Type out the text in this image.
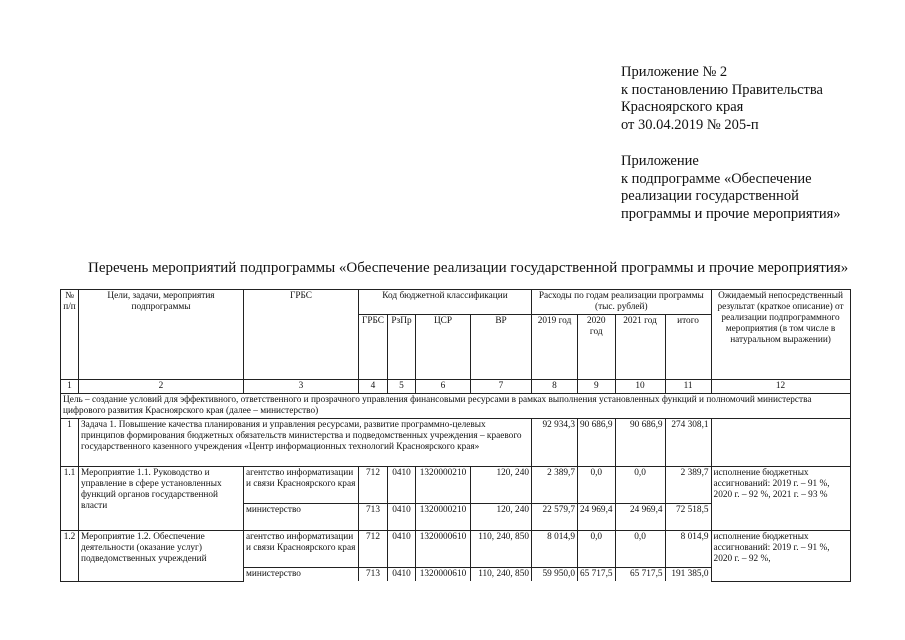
Приложение № 2
к постановлению Правительства
Красноярского края
от 30.04.2019 № 205-п
Приложение
к подпрограмме «Обеспечение
реализации государственной
программы и прочие мероприятия»
Перечень мероприятий подпрограммы «Обеспечение реализации государственной программы и прочие мероприятия»
№ п/п	Цели, задачи, мероприятия подпрограммы	ГРБС	Код бюджетной классификации				Расходы по годам реализации программы (тыс. рублей)				Ожидаемый непосредственный результат (краткое описание) от реализации подпрограммного мероприятия (в том числе в натуральном выражении)
			ГРБС	РзПр	ЦСР	ВР	2019 год	2020 год	2021 год	итого	
1	2	3	4	5	6	7	8	9	10	11	12
Цель – создание условий для эффективного, ответственного и прозрачного управления финансовыми ресурсами в рамках выполнения установленных функций и полномочий министерства цифрового развития Красноярского края (далее – министерство)											
1	Задача 1. Повышение качества планирования и управления ресурсами, развитие программно-целевых принципов формирования бюджетных обязательств министерства и подведомственных учреждения – краевого государственного казенного учреждения «Центр информационных технологий Красноярского края»						92 934,3	90 686,9	90 686,9	274 308,1	
1.1	Мероприятие 1.1. Руководство и управление в сфере установленных функций органов государственной власти	агентство информатизации и связи Красноярского края	712	0410	1320000210	120, 240	2 389,7	0,0	0,0	2 389,7	исполнение бюджетных ассигнований: 2019 г. – 91 %, 2020 г. – 92 %, 2021 г. – 93 %
		министерство	713	0410	1320000210	120, 240	22 579,7	24 969,4	24 969,4	72 518,5	
1.2	Мероприятие 1.2. Обеспечение деятельности (оказание услуг) подведомственных учреждений	агентство информатизации и связи Красноярского края	712	0410	1320000610	110, 240, 850	8 014,9	0,0	0,0	8 014,9	исполнение бюджетных ассигнований: 2019 г. – 91 %, 2020 г. – 92 %,
		министерство	713	0410	1320000610	110, 240, 850	59 950,0	65 717,5	65 717,5	191 385,0	
